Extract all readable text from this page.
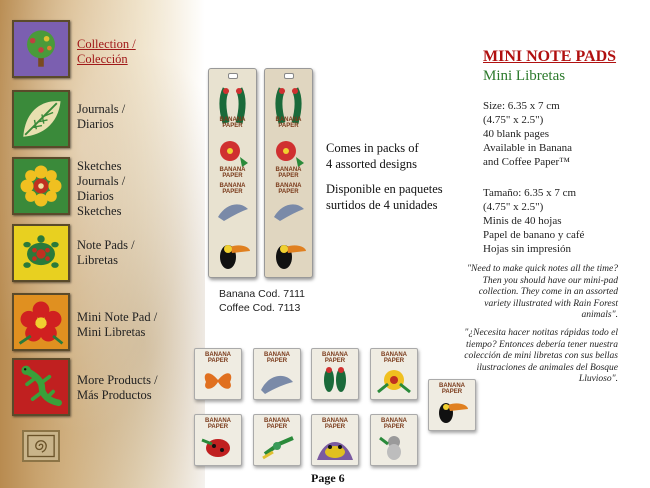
Collection /
Colección
Journals /
Diarios
Sketches
Journals /
Diarios
Sketches
Note Pads /
Libretas
Mini Note Pad /
Mini Libretas
More Products /
Más Productos
BANANA PAPER
BANANA PAPER
BANANA PAPER
BANANA PAPER
BANANA PAPER
BANANA PAPER
Banana Cod. 7111
Coffee Cod. 7113
Comes in packs of
4 assorted designs
Disponible en paquetes
surtidos de 4 unidades
MINI NOTE PADS
Mini Libretas
Size: 6.35 x 7 cm
(4.75" x 2.5")
40 blank pages
Available in Banana
and Coffee Paper™
Tamaño: 6.35 x 7 cm
(4.75" x 2.5")
Minis de 40 hojas
Papel de banano y café
Hojas sin impresión
"Need to make quick notes all the time? Then you should have our mini-pad collection. They come in an assorted variety illustrated with Rain Forest animals".
"¿Necesita hacer notitas rápidas todo el tiempo? Entonces debería tener nuestra colección de mini libretas con sus bellas ilustraciones de animales del Bosque Lluvioso".
BANANA
PAPER
BANANA
PAPER
BANANA
PAPER
BANANA
PAPER
BANANA
PAPER
BANANA
PAPER
BANANA
PAPER
BANANA
PAPER
BANANA
PAPER
Page 6
